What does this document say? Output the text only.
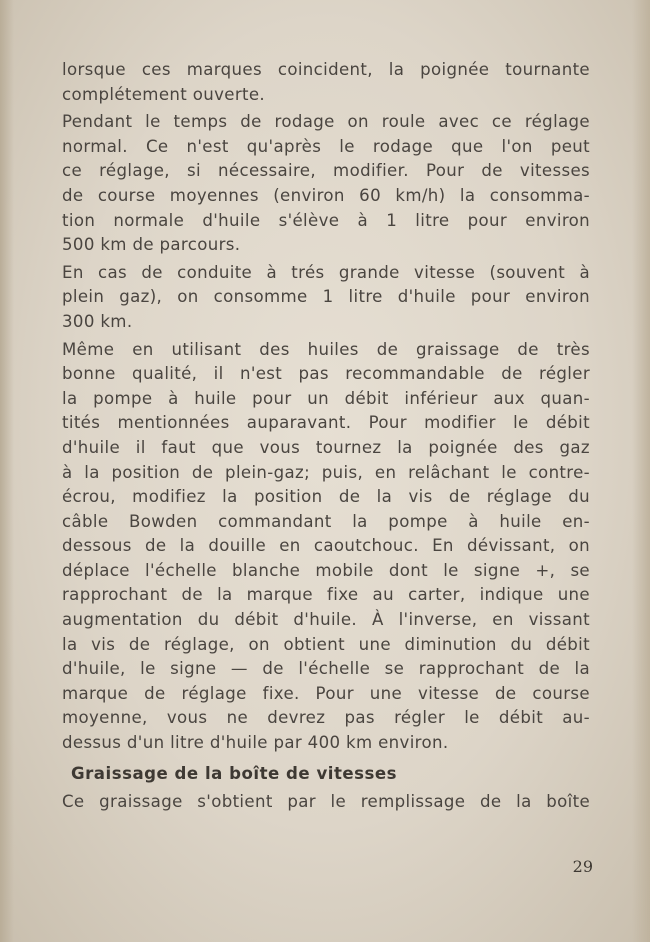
lorsque ces marques coincident, la poignée tournante
complétement ouverte.

Pendant le temps de rodage on roule avec ce réglage
normal. Ce n'est qu'après le rodage que l'on peut
ce réglage, si nécessaire, modifier. Pour de vitesses
de course moyennes (environ 60 km/h) la consomma-
tion normale d'huile s'élève à 1 litre pour environ
500 km de parcours.

En cas de conduite à trés grande vitesse (souvent à
plein gaz), on consomme 1 litre d'huile pour environ
300 km.

Même en utilisant des huiles de graissage de très
bonne qualité, il n'est pas recommandable de régler
la pompe à huile pour un débit inférieur aux quan-
tités mentionnées auparavant. Pour modifier le débit
d'huile il faut que vous tournez la poignée des gaz
à la position de plein-gaz; puis, en relâchant le contre-
écrou, modifiez la position de la vis de réglage du
câble Bowden commandant la pompe à huile en-
dessous de la douille en caoutchouc. En dévissant, on
déplace l'échelle blanche mobile dont le signe +, se
rapprochant de la marque fixe au carter, indique une
augmentation du débit d'huile. À l'inverse, en vissant
la vis de réglage, on obtient une diminution du débit
d'huile, le signe — de l'échelle se rapprochant de la
marque de réglage fixe. Pour une vitesse de course
moyenne, vous ne devrez pas régler le débit au-
dessus d'un litre d'huile par 400 km environ.

Graissage de la boîte de vitesses

Ce graissage s'obtient par le remplissage de la boîte

29
